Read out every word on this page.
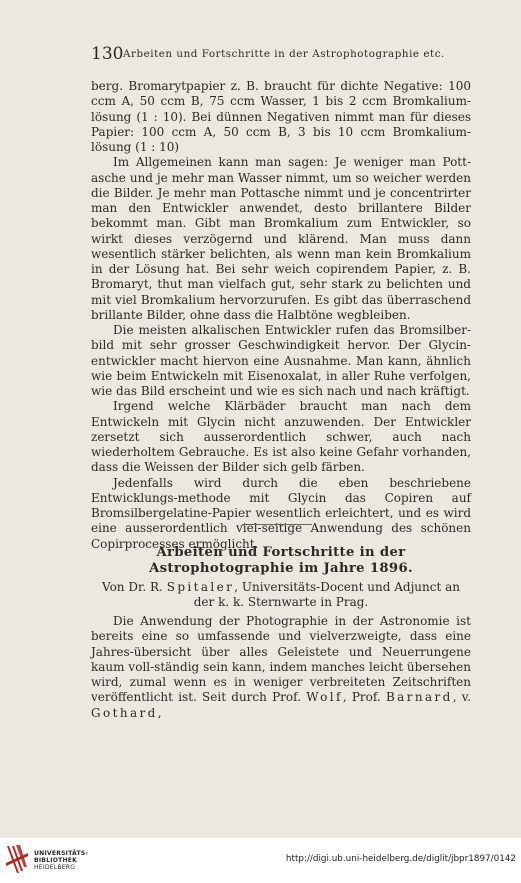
130 Arbeiten und Fortschritte in der Astrophotographie etc.

berg. Bromarytpapier z. B. braucht für dichte Negative: 100 ccm A, 50 ccm B, 75 ccm Wasser, 1 bis 2 ccm Bromkalium-lösung (1 : 10). Bei dünnen Negativen nimmt man für dieses Papier: 100 ccm A, 50 ccm B, 3 bis 10 ccm Bromkalium-lösung (1 : 10)

Im Allgemeinen kann man sagen: Je weniger man Pott-asche und je mehr man Wasser nimmt, um so weicher werden die Bilder. Je mehr man Pottasche nimmt und je concentrirter man den Entwickler anwendet, desto brillantere Bilder bekommt man. Gibt man Bromkalium zum Entwickler, so wirkt dieses verzögernd und klärend. Man muss dann wesentlich stärker belichten, als wenn man kein Bromkalium in der Lösung hat. Bei sehr weich copirendem Papier, z. B. Bromaryt, thut man vielfach gut, sehr stark zu belichten und mit viel Bromkalium hervorzurufen. Es gibt das überraschend brillante Bilder, ohne dass die Halbtöne wegbleiben.

Die meisten alkalischen Entwickler rufen das Bromsilber-bild mit sehr grosser Geschwindigkeit hervor. Der Glycin-entwickler macht hiervon eine Ausnahme. Man kann, ähnlich wie beim Entwickeln mit Eisenoxalat, in aller Ruhe verfolgen, wie das Bild erscheint und wie es sich nach und nach kräftigt.

Irgend welche Klärbäder braucht man nach dem Entwickeln mit Glycin nicht anzuwenden. Der Entwickler zersetzt sich ausserordentlich schwer, auch nach wiederholtem Gebrauche. Es ist also keine Gefahr vorhanden, dass die Weissen der Bilder sich gelb färben.

Jedenfalls wird durch die eben beschriebene Entwicklungs-methode mit Glycin das Copiren auf Bromsilbergelatine-Papier wesentlich erleichtert, und es wird eine ausserordentlich viel-seitige Anwendung des schönen Copirprocesses ermöglicht.

Arbeiten und Fortschritte in der Astrophotographie im Jahre 1896.
Von Dr. R. Spitaler, Universitäts-Docent und Adjunct an der k. k. Sternwarte in Prag.

Die Anwendung der Photographie in der Astronomie ist bereits eine so umfassende und vielverzweigte, dass eine Jahres-übersicht über alles Geleistete und Neuerrungene kaum voll-ständig sein kann, indem manches leicht übersehen wird, zumal wenn es in weniger verbreiteten Zeitschriften veröffentlicht ist. Seit durch Prof. Wolf, Prof. Barnard, v. Gothard,

UNIVERSITÄTS-
BIBLIOTHEK
HEIDELBERG
http://digi.ub.uni-heidelberg.de/diglit/jbpr1897/0142
